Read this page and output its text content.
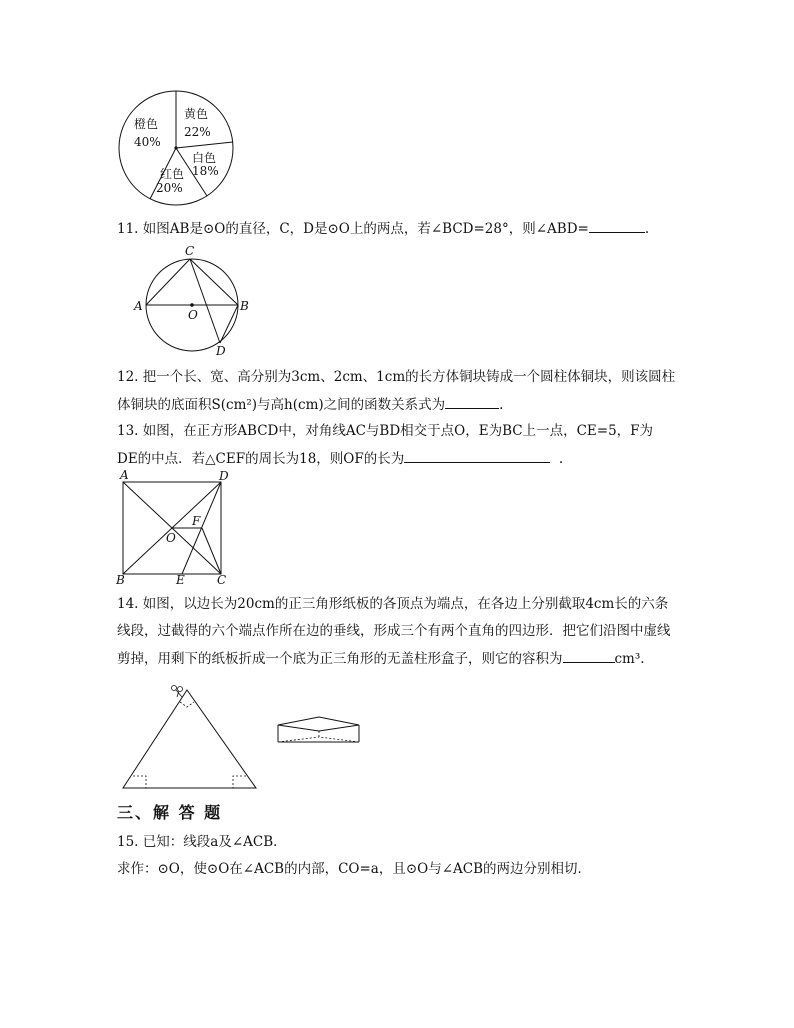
橙色
40%
黄色
22%
白色
18%
红色
20%
11. 如图AB是⊙O的直径，C，D是⊙O上的两点，若∠BCD=28°，则∠ABD=	.
C
A	B
O
D
12. 把一个长、宽、高分别为3cm、2cm、1cm的长方体铜块铸成一个圆柱体铜块，则该圆柱
体铜块的底面积S(cm²)与高h(cm)之间的函数关系式为	.
13. 如图，在正方形ABCD中，对角线AC与BD相交于点O，E为BC上一点，CE=5，F为
DE的中点．若△CEF的周长为18，则OF的长为	.
A	D
F
O
B	E	C
14. 如图，以边长为20cm的正三角形纸板的各顶点为端点，在各边上分别截取4cm长的六条
线段，过截得的六个端点作所在边的垂线，形成三个有两个直角的四边形．把它们沿图中虚线
剪掉，用剩下的纸板折成一个底为正三角形的无盖柱形盒子，则它的容积为	cm³.
三、解 答 题
15. 已知：线段a及∠ACB．
求作：⊙O，使⊙O在∠ACB的内部，CO=a，且⊙O与∠ACB的两边分别相切．
